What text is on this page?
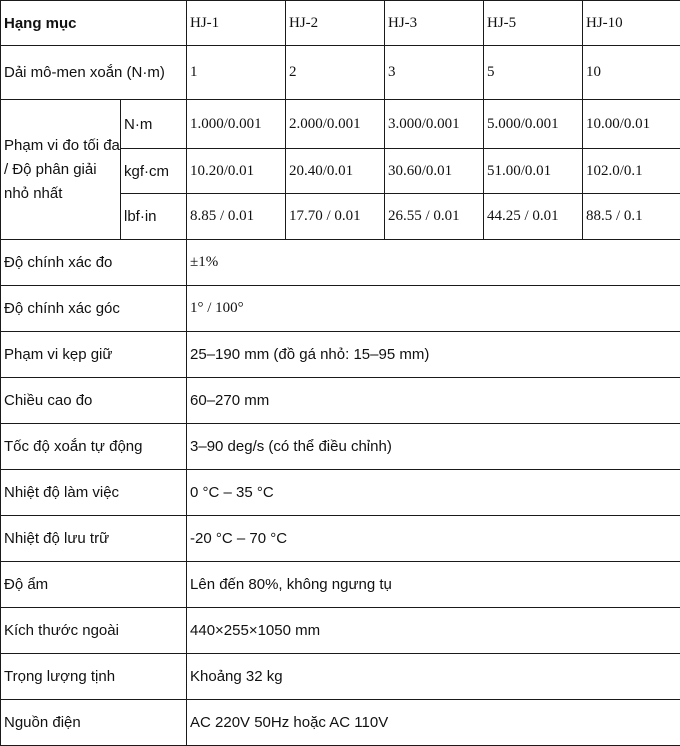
Hạng mục		HJ-1	HJ-2	HJ-3	HJ-5	HJ-10
Dải mô-men xoắn (N·m)		1	2	3	5	10
Phạm vi đo tối đa / Độ phân giải nhỏ nhất	N·m	1.000/0.001	2.000/0.001	3.000/0.001	5.000/0.001	10.00/0.01
	kgf·cm	10.20/0.01	20.40/0.01	30.60/0.01	51.00/0.01	102.0/0.1
	lbf·in	8.85 / 0.01	17.70 / 0.01	26.55 / 0.01	44.25 / 0.01	88.5 / 0.1
Độ chính xác đo		±1%				
Độ chính xác góc		1° / 100°				
Phạm vi kẹp giữ		25–190 mm (đồ gá nhỏ: 15–95 mm)				
Chiều cao đo		60–270 mm				
Tốc độ xoắn tự động		3–90 deg/s (có thể điều chỉnh)				
Nhiệt độ làm việc		0 °C – 35 °C				
Nhiệt độ lưu trữ		-20 °C – 70 °C				
Độ ẩm		Lên đến 80%, không ngưng tụ				
Kích thước ngoài		440×255×1050 mm				
Trọng lượng tịnh		Khoảng 32 kg				
Nguồn điện		AC 220V 50Hz hoặc AC 110V				
